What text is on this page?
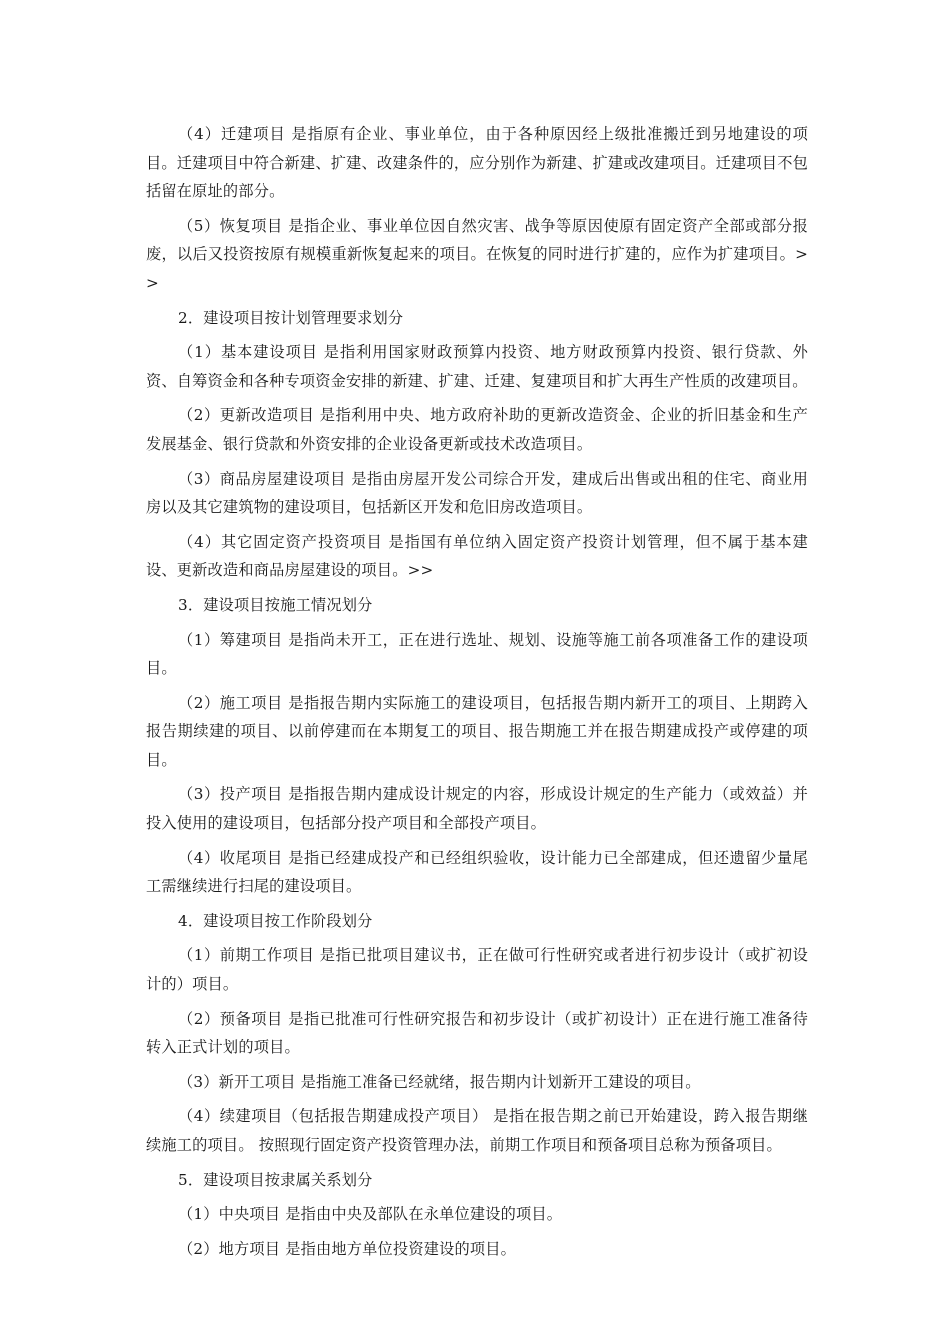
（4）迁建项目 是指原有企业、事业单位，由于各种原因经上级批准搬迁到另地建设的项目。迁建项目中符合新建、扩建、改建条件的，应分别作为新建、扩建或改建项目。迁建项目不包括留在原址的部分。

（5）恢复项目 是指企业、事业单位因自然灾害、战争等原因使原有固定资产全部或部分报废，以后又投资按原有规模重新恢复起来的项目。在恢复的同时进行扩建的，应作为扩建项目。>>

2．建设项目按计划管理要求划分

（1）基本建设项目 是指利用国家财政预算内投资、地方财政预算内投资、银行贷款、外资、自筹资金和各种专项资金安排的新建、扩建、迁建、复建项目和扩大再生产性质的改建项目。

（2）更新改造项目 是指利用中央、地方政府补助的更新改造资金、企业的折旧基金和生产发展基金、银行贷款和外资安排的企业设备更新或技术改造项目。

（3）商品房屋建设项目 是指由房屋开发公司综合开发，建成后出售或出租的住宅、商业用房以及其它建筑物的建设项目，包括新区开发和危旧房改造项目。

（4）其它固定资产投资项目 是指国有单位纳入固定资产投资计划管理，但不属于基本建设、更新改造和商品房屋建设的项目。>>

3．建设项目按施工情况划分

（1）筹建项目 是指尚未开工，正在进行选址、规划、设施等施工前各项准备工作的建设项目。

（2）施工项目 是指报告期内实际施工的建设项目，包括报告期内新开工的项目、上期跨入报告期续建的项目、以前停建而在本期复工的项目、报告期施工并在报告期建成投产或停建的项目。

（3）投产项目 是指报告期内建成设计规定的内容，形成设计规定的生产能力（或效益）并投入使用的建设项目，包括部分投产项目和全部投产项目。

（4）收尾项目 是指已经建成投产和已经组织验收，设计能力已全部建成，但还遗留少量尾工需继续进行扫尾的建设项目。

4．建设项目按工作阶段划分

（1）前期工作项目 是指已批项目建议书，正在做可行性研究或者进行初步设计（或扩初设计的）项目。

（2）预备项目 是指已批准可行性研究报告和初步设计（或扩初设计）正在进行施工准备待转入正式计划的项目。

（3）新开工项目 是指施工准备已经就绪，报告期内计划新开工建设的项目。

（4）续建项目（包括报告期建成投产项目） 是指在报告期之前已开始建设，跨入报告期继续施工的项目。 按照现行固定资产投资管理办法，前期工作项目和预备项目总称为预备项目。

5．建设项目按隶属关系划分

（1）中央项目 是指由中央及部队在永单位建设的项目。

（2）地方项目 是指由地方单位投资建设的项目。
